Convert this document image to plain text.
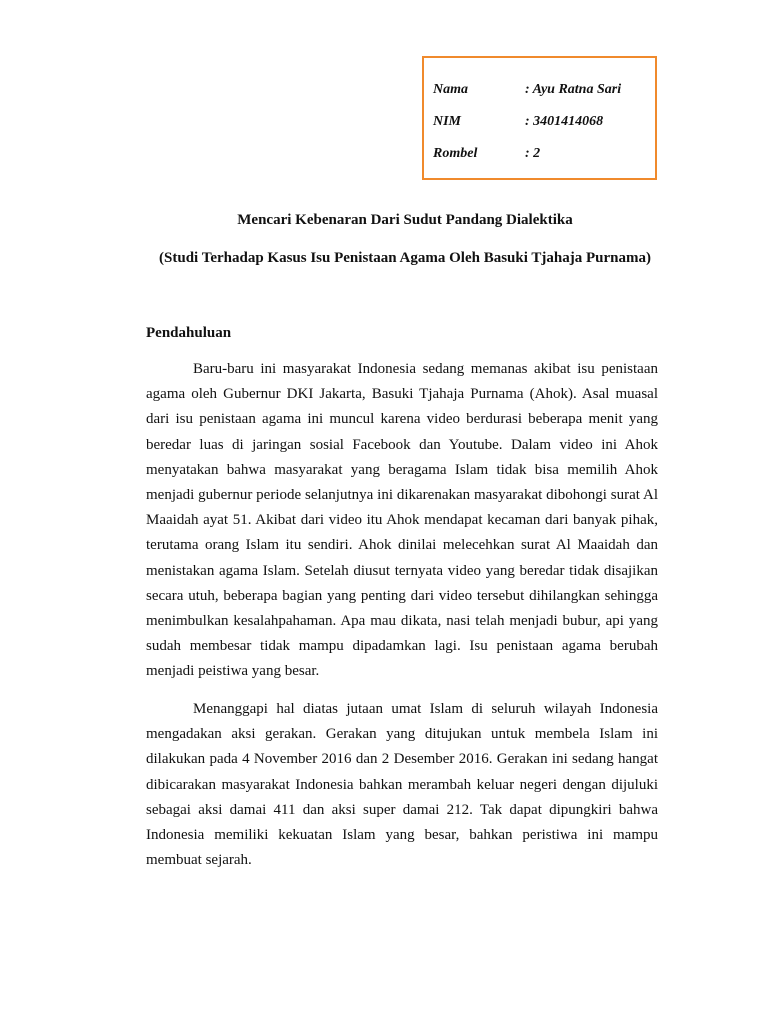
Nama	: Ayu Ratna Sari
NIM	: 3401414068
Rombel	: 2
Mencari Kebenaran Dari Sudut Pandang Dialektika
(Studi Terhadap Kasus Isu Penistaan Agama Oleh Basuki Tjahaja Purnama)
Pendahuluan

Baru-baru ini masyarakat Indonesia sedang memanas akibat isu penistaan agama oleh Gubernur DKI Jakarta, Basuki Tjahaja Purnama (Ahok). Asal muasal dari isu penistaan agama ini muncul karena video berdurasi beberapa menit yang beredar luas di jaringan sosial Facebook dan Youtube. Dalam video ini Ahok menyatakan bahwa masyarakat yang beragama Islam tidak bisa memilih Ahok menjadi gubernur periode selanjutnya ini dikarenakan masyarakat dibohongi surat Al Maaidah ayat 51. Akibat dari video itu Ahok mendapat kecaman dari banyak pihak, terutama orang Islam itu sendiri. Ahok dinilai melecehkan surat Al Maaidah dan menistakan agama Islam. Setelah diusut ternyata video yang beredar tidak disajikan secara utuh, beberapa bagian yang penting dari video tersebut dihilangkan sehingga menimbulkan kesalahpahaman. Apa mau dikata, nasi telah menjadi bubur, api yang sudah membesar tidak mampu dipadamkan lagi. Isu penistaan agama berubah menjadi peistiwa yang besar.

Menanggapi hal diatas jutaan umat Islam di seluruh wilayah Indonesia mengadakan aksi gerakan. Gerakan yang ditujukan untuk membela Islam ini dilakukan pada 4 November 2016 dan 2 Desember 2016. Gerakan ini sedang hangat dibicarakan masyarakat Indonesia bahkan merambah keluar negeri dengan dijuluki sebagai aksi damai 411 dan aksi super damai 212. Tak dapat dipungkiri bahwa Indonesia memiliki kekuatan Islam yang besar, bahkan peristiwa ini mampu membuat sejarah.
